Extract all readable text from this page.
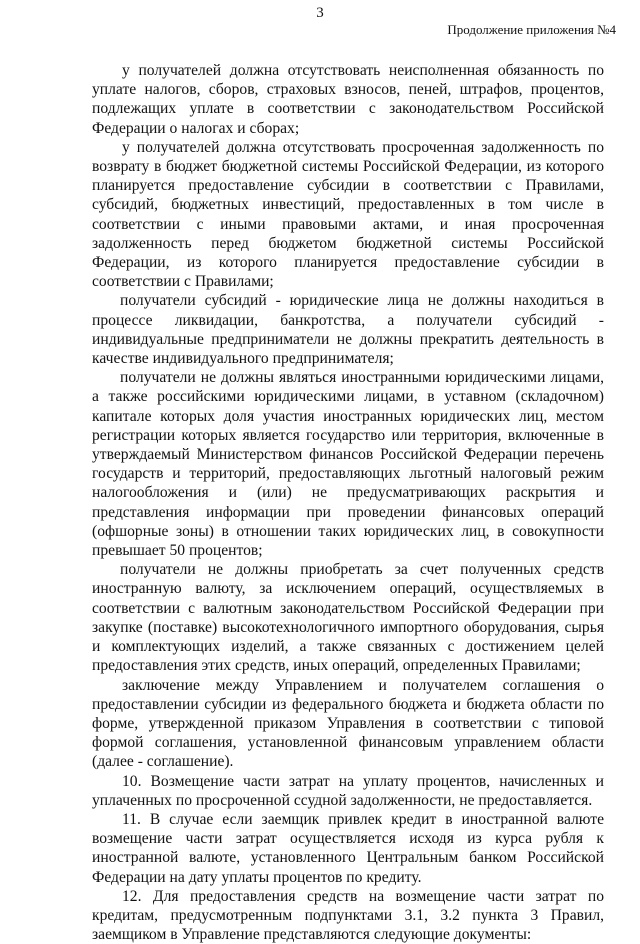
3
Продолжение приложения №4

у получателей должна отсутствовать неисполненная обязанность по уплате налогов, сборов, страховых взносов, пеней, штрафов, процентов, подлежащих уплате в соответствии с законодательством Российской Федерации о налогах и сборах;

у получателей должна отсутствовать просроченная задолженность по возврату в бюджет бюджетной системы Российской Федерации, из которого планируется предоставление субсидии в соответствии с Правилами, субсидий, бюджетных инвестиций, предоставленных в том числе в соответствии с иными правовыми актами, и иная просроченная задолженность перед бюджетом бюджетной системы Российской Федерации, из которого планируется предоставление субсидии в соответствии с Правилами;

получатели субсидий - юридические лица не должны находиться в процессе ликвидации, банкротства, а получатели субсидий - индивидуальные предприниматели не должны прекратить деятельность в качестве индивидуального предпринимателя;

получатели не должны являться иностранными юридическими лицами, а также российскими юридическими лицами, в уставном (складочном) капитале которых доля участия иностранных юридических лиц, местом регистрации которых является государство или территория, включенные в утверждаемый Министерством финансов Российской Федерации перечень государств и территорий, предоставляющих льготный налоговый режим налогообложения и (или) не предусматривающих раскрытия и представления информации при проведении финансовых операций (офшорные зоны) в отношении таких юридических лиц, в совокупности превышает 50 процентов;

получатели не должны приобретать за счет полученных средств иностранную валюту, за исключением операций, осуществляемых в соответствии с валютным законодательством Российской Федерации при закупке (поставке) высокотехнологичного импортного оборудования, сырья и комплектующих изделий, а также связанных с достижением целей предоставления этих средств, иных операций, определенных Правилами;

заключение между Управлением и получателем соглашения о предоставлении субсидии из федерального бюджета и бюджета области по форме, утвержденной приказом Управления в соответствии с типовой формой соглашения, установленной финансовым управлением области (далее - соглашение).

10. Возмещение части затрат на уплату процентов, начисленных и уплаченных по просроченной ссудной задолженности, не предоставляется.

11. В случае если заемщик привлек кредит в иностранной валюте возмещение части затрат осуществляется исходя из курса рубля к иностранной валюте, установленного Центральным банком Российской Федерации на дату уплаты процентов по кредиту.

12. Для предоставления средств на возмещение части затрат по кредитам, предусмотренным подпунктами 3.1, 3.2 пункта 3 Правил, заемщиком в Управление представляются следующие документы:
